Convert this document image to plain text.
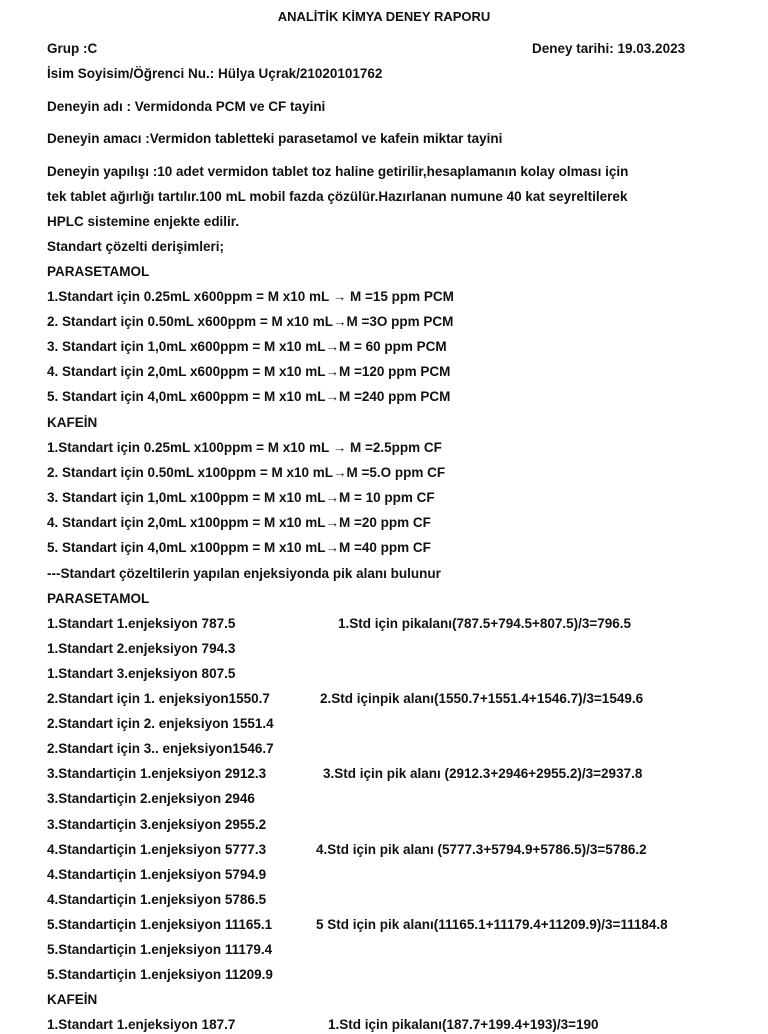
ANALİTİK KİMYA DENEY RAPORU
Grup :C	Deney tarihi: 19.03.2023
İsim Soyisim/Öğrenci Nu.: Hülya Uçrak/21020101762
Deneyin adı : Vermidonda PCM ve CF tayini
Deneyin amacı :Vermidon tabletteki parasetamol ve kafein miktar tayini
Deneyin yapılışı :10 adet vermidon tablet toz haline getirilir,hesaplamanın kolay olması için
tek tablet ağırlığı tartılır.100 mL mobil fazda çözülür.Hazırlanan numune 40 kat seyreltilerek
HPLC sistemine enjekte edilir.
Standart çözelti derişimleri;
PARASETAMOL
1.Standart için 0.25mL x600ppm = M x10 mL → M =15 ppm PCM
2. Standart için 0.50mL x600ppm = M x10 mL→M =3O ppm PCM
3. Standart için 1,0mL x600ppm = M x10 mL→M = 60 ppm PCM
4. Standart için 2,0mL x600ppm = M x10 mL→M =120 ppm PCM
5. Standart için 4,0mL x600ppm = M x10 mL→M =240 ppm PCM
KAFEİN
1.Standart için 0.25mL x100ppm = M x10 mL → M =2.5ppm CF
2. Standart için 0.50mL x100ppm = M x10 mL→M =5.O ppm CF
3. Standart için 1,0mL x100ppm = M x10 mL→M = 10 ppm CF
4. Standart için 2,0mL x100ppm = M x10 mL→M =20 ppm CF
5. Standart için 4,0mL x100ppm = M x10 mL→M =40 ppm CF
---Standart çözeltilerin yapılan enjeksiyonda pik alanı bulunur
PARASETAMOL
1.Standart 1.enjeksiyon 787.5	1.Std için pikalanı(787.5+794.5+807.5)/3=796.5
1.Standart 2.enjeksiyon 794.3
1.Standart 3.enjeksiyon 807.5
2.Standart için 1. enjeksiyon1550.7	2.Std içinpik alanı(1550.7+1551.4+1546.7)/3=1549.6
2.Standart için 2. enjeksiyon 1551.4
2.Standart için 3.. enjeksiyon1546.7
3.Standartiçin 1.enjeksiyon 2912.3	3.Std için pik alanı (2912.3+2946+2955.2)/3=2937.8
3.Standartiçin 2.enjeksiyon 2946
3.Standartiçin 3.enjeksiyon 2955.2
4.Standartiçin 1.enjeksiyon 5777.3	4.Std için pik alanı (5777.3+5794.9+5786.5)/3=5786.2
4.Standartiçin 1.enjeksiyon 5794.9
4.Standartiçin 1.enjeksiyon 5786.5
5.Standartiçin 1.enjeksiyon 11165.1	5 Std için pik alanı(11165.1+11179.4+11209.9)/3=11184.8
5.Standartiçin 1.enjeksiyon 11179.4
5.Standartiçin 1.enjeksiyon 11209.9
KAFEİN
1.Standart 1.enjeksiyon 187.7	1.Std için pikalanı(187.7+199.4+193)/3=190
